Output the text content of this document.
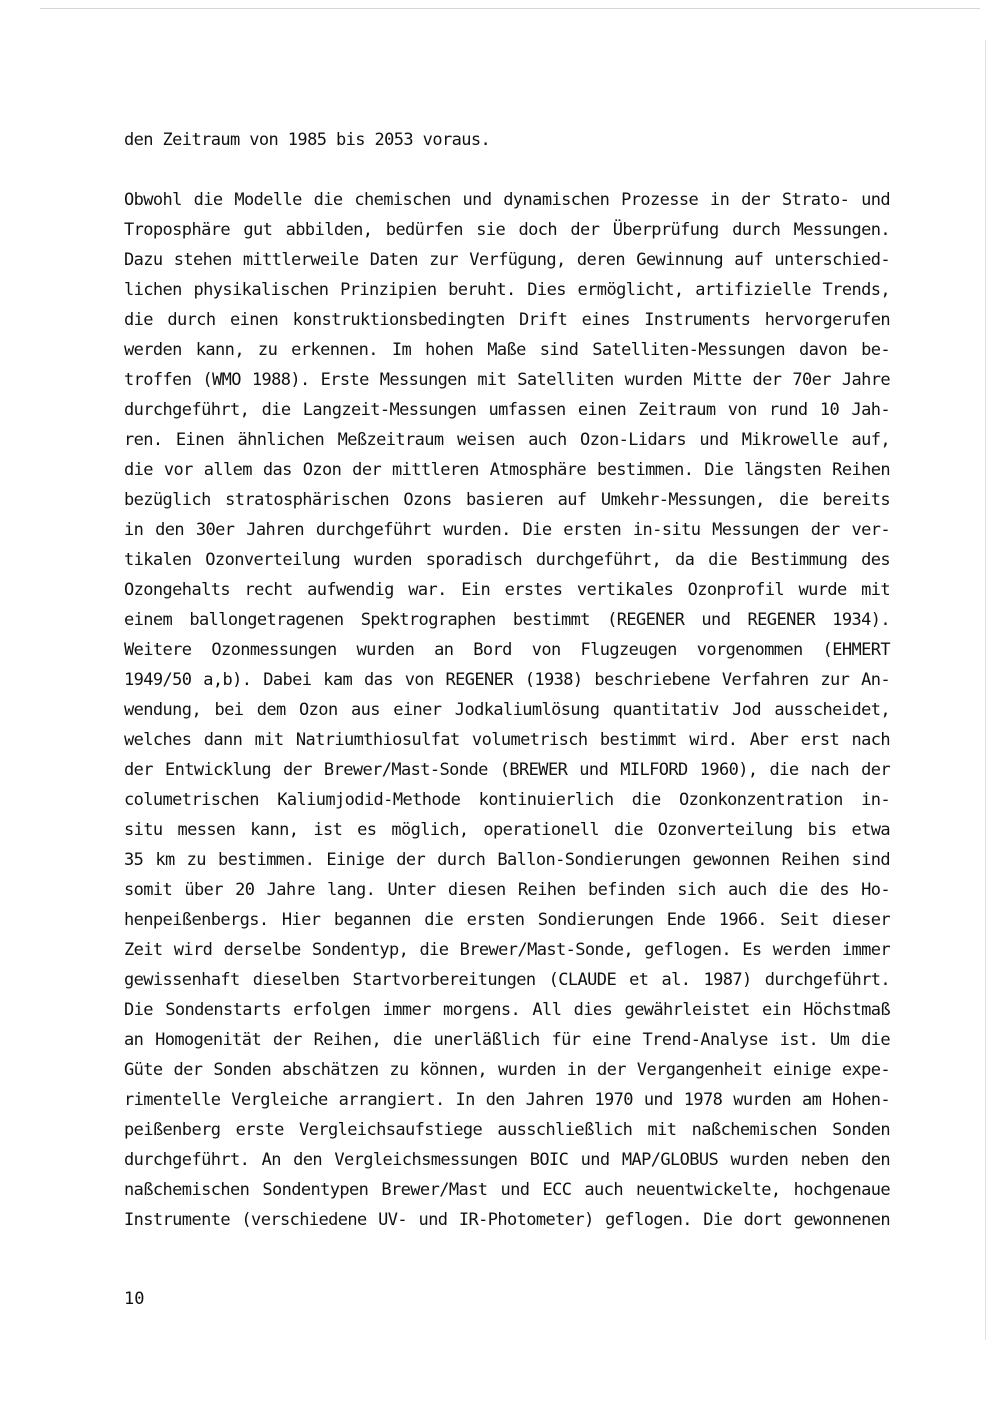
den Zeitraum von 1985 bis 2053 voraus.
Obwohl die Modelle die chemischen und dynamischen Prozesse in der Strato- und
Troposphäre gut abbilden, bedürfen sie doch der Überprüfung durch Messungen.
Dazu stehen mittlerweile Daten zur Verfügung, deren Gewinnung auf unterschied-
lichen physikalischen Prinzipien beruht. Dies ermöglicht, artifizielle Trends,
die durch einen konstruktionsbedingten Drift eines Instruments hervorgerufen
werden kann, zu erkennen. Im hohen Maße sind Satelliten-Messungen davon be-
troffen (WMO 1988). Erste Messungen mit Satelliten wurden Mitte der 70er Jahre
durchgeführt, die Langzeit-Messungen umfassen einen Zeitraum von rund 10 Jah-
ren. Einen ähnlichen Meßzeitraum weisen auch Ozon-Lidars und Mikrowelle auf,
die vor allem das Ozon der mittleren Atmosphäre bestimmen. Die längsten Reihen
bezüglich stratosphärischen Ozons basieren auf Umkehr-Messungen, die bereits
in den 30er Jahren durchgeführt wurden. Die ersten in-situ Messungen der ver-
tikalen Ozonverteilung wurden sporadisch durchgeführt, da die Bestimmung des
Ozongehalts recht aufwendig war. Ein erstes vertikales Ozonprofil wurde mit
einem ballongetragenen Spektrographen bestimmt (REGENER und REGENER 1934).
Weitere Ozonmessungen wurden an Bord von Flugzeugen vorgenommen (EHMERT
1949/50 a,b). Dabei kam das von REGENER (1938) beschriebene Verfahren zur An-
wendung, bei dem Ozon aus einer Jodkaliumlösung quantitativ Jod ausscheidet,
welches dann mit Natriumthiosulfat volumetrisch bestimmt wird. Aber erst nach
der Entwicklung der Brewer/Mast-Sonde (BREWER und MILFORD 1960), die nach der
columetrischen Kaliumjodid-Methode kontinuierlich die Ozonkonzentration in-
situ messen kann, ist es möglich, operationell die Ozonverteilung bis etwa
35 km zu bestimmen. Einige der durch Ballon-Sondierungen gewonnen Reihen sind
somit über 20 Jahre lang. Unter diesen Reihen befinden sich auch die des Ho-
henpeißenbergs. Hier begannen die ersten Sondierungen Ende 1966. Seit dieser
Zeit wird derselbe Sondentyp, die Brewer/Mast-Sonde, geflogen. Es werden immer
gewissenhaft dieselben Startvorbereitungen (CLAUDE et al. 1987) durchgeführt.
Die Sondenstarts erfolgen immer morgens. All dies gewährleistet ein Höchstmaß
an Homogenität der Reihen, die unerläßlich für eine Trend-Analyse ist. Um die
Güte der Sonden abschätzen zu können, wurden in der Vergangenheit einige expe-
rimentelle Vergleiche arrangiert. In den Jahren 1970 und 1978 wurden am Hohen-
peißenberg erste Vergleichsaufstiege ausschließlich mit naßchemischen Sonden
durchgeführt. An den Vergleichsmessungen BOIC und MAP/GLOBUS wurden neben den
naßchemischen Sondentypen Brewer/Mast und ECC auch neuentwickelte, hochgenaue
Instrumente (verschiedene UV- und IR-Photometer) geflogen. Die dort gewonnenen
10
